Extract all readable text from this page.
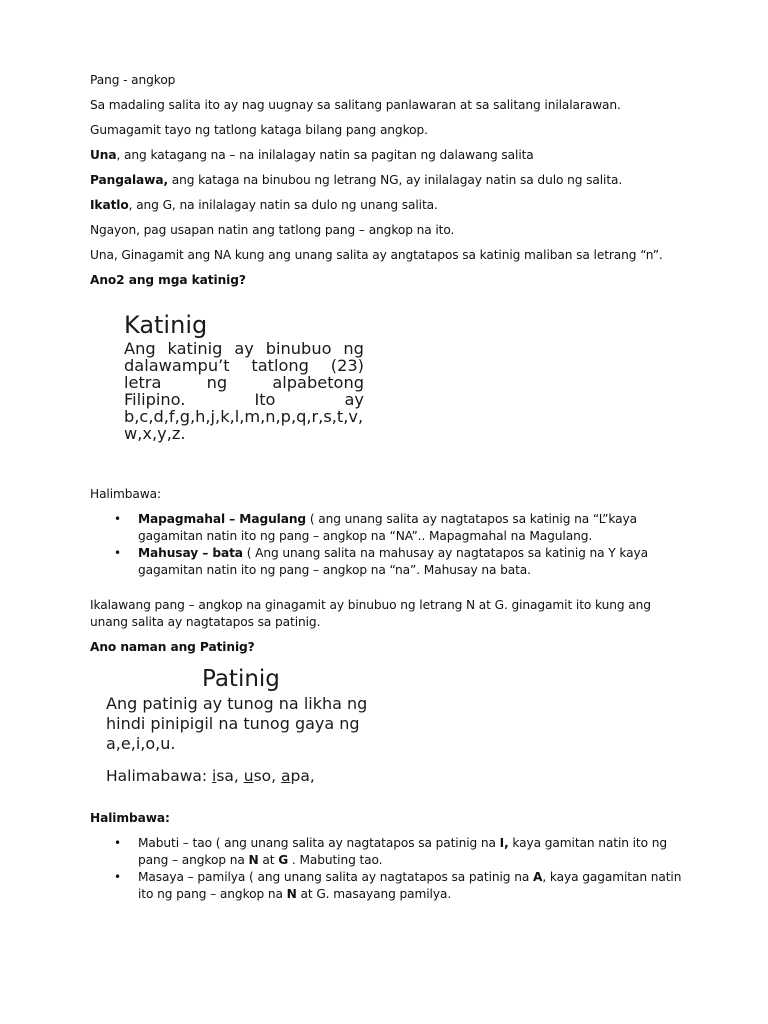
Pang - angkop

Sa madaling salita ito ay nag uugnay sa salitang panlawaran at sa salitang inilalarawan.

Gumagamit tayo ng tatlong kataga bilang pang angkop.

Una, ang katagang na – na inilalagay natin sa pagitan ng dalawang salita

Pangalawa, ang kataga na binubou ng letrang NG, ay inilalagay natin sa dulo ng salita.

Ikatlo, ang G, na inilalagay natin sa dulo ng unang salita.

Ngayon, pag usapan natin ang tatlong pang – angkop na ito.

Una, Ginagamit ang NA kung ang unang salita ay angtatapos sa katinig maliban sa letrang “n”.

Ano2 ang mga katinig?

Katinig
Ang katinig ay binubuo ng
dalawampu’t tatlong (23)
letra	ng	alpabetong
Filipino.	Ito	ay
b,c,d,f,g,h,j,k,l,m,n,p,q,r,s,t,v,
w,x,y,z.

Halimbawa:

• Mapagmahal – Magulang ( ang unang salita ay nagtatapos sa katinig na “L”kaya gagamitan natin ito ng pang – angkop na “NA”.. Mapagmahal na Magulang.
• Mahusay – bata ( Ang unang salita na mahusay ay nagtatapos sa katinig na Y kaya gagamitan natin ito ng pang – angkop na “na”. Mahusay na bata.

Ikalawang pang – angkop na ginagamit ay binubuo ng letrang N at G. ginagamit ito kung ang unang salita ay nagtatapos sa patinig.

Ano naman ang Patinig?

Patinig
Ang patinig ay tunog na likha ng
hindi pinipigil na tunog gaya ng
a,e,i,o,u.
Halimabawa: isa, uso, apa,

Halimbawa:

• Mabuti – tao ( ang unang salita ay nagtatapos sa patinig na I, kaya gamitan natin ito ng pang – angkop na N at G . Mabuting tao.
• Masaya – pamilya ( ang unang salita ay nagtatapos sa patinig na A, kaya gagamitan natin ito ng pang – angkop na N at G. masayang pamilya.
